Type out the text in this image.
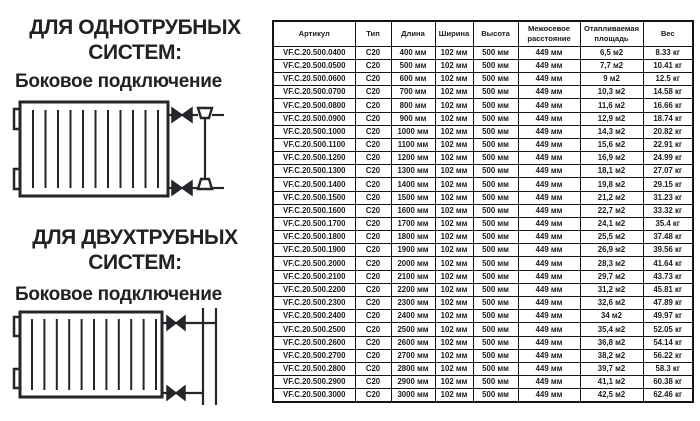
ДЛЯ ОДНОТРУБНЫХ
СИСТЕМ:
Боковое подключение
ДЛЯ ДВУХТРУБНЫХ
СИСТЕМ:
Боковое подключение
Артикул	Тип	Длина	Ширина	Высота	Межосевое расстояние	Отапливаемая площадь	Вес
VF.C.20.500.0400	C20	400 мм	102 мм	500 мм	449 мм	6,5 м2	8.33 кг
VF.C.20.500.0500	C20	500 мм	102 мм	500 мм	449 мм	7,7 м2	10.41 кг
VF.C.20.500.0600	C20	600 мм	102 мм	500 мм	449 мм	9 м2	12.5 кг
VF.C.20.500.0700	C20	700 мм	102 мм	500 мм	449 мм	10,3 м2	14.58 кг
VF.C.20.500.0800	C20	800 мм	102 мм	500 мм	449 мм	11,6 м2	16.66 кг
VF.C.20.500.0900	C20	900 мм	102 мм	500 мм	449 мм	12,9 м2	18.74 кг
VF.C.20.500.1000	C20	1000 мм	102 мм	500 мм	449 мм	14,3 м2	20.82 кг
VF.C.20.500.1100	C20	1100 мм	102 мм	500 мм	449 мм	15,6 м2	22.91 кг
VF.C.20.500.1200	C20	1200 мм	102 мм	500 мм	449 мм	16,9 м2	24.99 кг
VF.C.20.500.1300	C20	1300 мм	102 мм	500 мм	449 мм	18,1 м2	27.07 кг
VF.C.20.500.1400	C20	1400 мм	102 мм	500 мм	449 мм	19,8 м2	29.15 кг
VF.C.20.500.1500	C20	1500 мм	102 мм	500 мм	449 мм	21,2 м2	31.23 кг
VF.C.20.500.1600	C20	1600 мм	102 мм	500 мм	449 мм	22,7 м2	33.32 кг
VF.C.20.500.1700	C20	1700 мм	102 мм	500 мм	449 мм	24,1 м2	35.4 кг
VF.C.20.500.1800	C20	1800 мм	102 мм	500 мм	449 мм	25,5 м2	37.48 кг
VF.C.20.500.1900	C20	1900 мм	102 мм	500 мм	449 мм	26,9 м2	39.56 кг
VF.C.20.500.2000	C20	2000 мм	102 мм	500 мм	449 мм	28,3 м2	41.64 кг
VF.C.20.500.2100	C20	2100 мм	102 мм	500 мм	449 мм	29,7 м2	43.73 кг
VF.C.20.500.2200	C20	2200 мм	102 мм	500 мм	449 мм	31,2 м2	45.81 кг
VF.C.20.500.2300	C20	2300 мм	102 мм	500 мм	449 мм	32,6 м2	47.89 кг
VF.C.20.500.2400	C20	2400 мм	102 мм	500 мм	449 мм	34 м2	49.97 кг
VF.C.20.500.2500	C20	2500 мм	102 мм	500 мм	449 мм	35,4 м2	52.05 кг
VF.C.20.500.2600	C20	2600 мм	102 мм	500 мм	449 мм	36,8 м2	54.14 кг
VF.C.20.500.2700	C20	2700 мм	102 мм	500 мм	449 мм	38,2 м2	56.22 кг
VF.C.20.500.2800	C20	2800 мм	102 мм	500 мм	449 мм	39,7 м2	58.3 кг
VF.C.20.500.2900	C20	2900 мм	102 мм	500 мм	449 мм	41,1 м2	60.38 кг
VF.C.20.500.3000	C20	3000 мм	102 мм	500 мм	449 мм	42,5 м2	62.46 кг
